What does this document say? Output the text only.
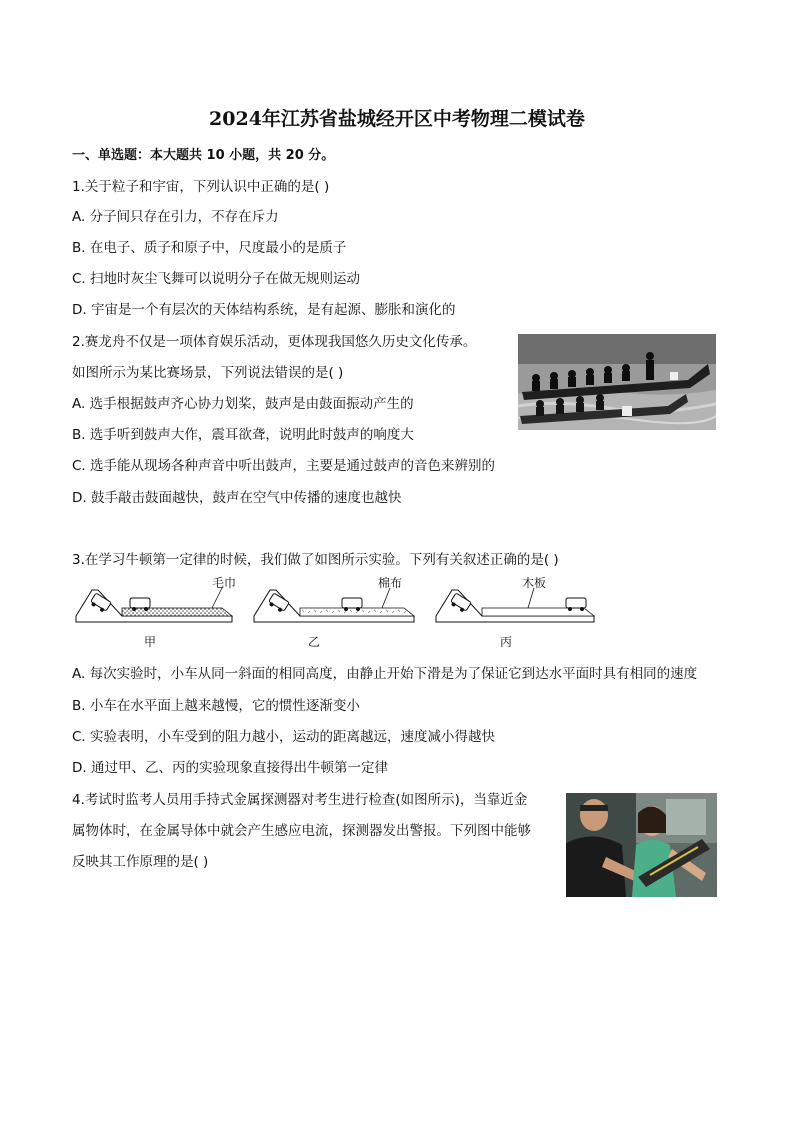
2024年江苏省盐城经开区中考物理二模试卷
一、单选题：本大题共 10 小题，共 20 分。
1.关于粒子和宇宙，下列认识中正确的是( )
A. 分子间只存在引力，不存在斥力
B. 在电子、质子和原子中，尺度最小的是质子
C. 扫地时灰尘飞舞可以说明分子在做无规则运动
D. 宇宙是一个有层次的天体结构系统，是有起源、膨胀和演化的
2.赛龙舟不仅是一项体育娱乐活动，更体现我国悠久历史文化传承。
如图所示为某比赛场景，下列说法错误的是( )
A. 选手根据鼓声齐心协力划桨，鼓声是由鼓面振动产生的
B. 选手听到鼓声大作，震耳欲聋，说明此时鼓声的响度大
C. 选手能从现场各种声音中听出鼓声，主要是通过鼓声的音色来辨别的
D. 鼓手敲击鼓面越快，鼓声在空气中传播的速度也越快
3.在学习牛顿第一定律的时候，我们做了如图所示实验。下列有关叙述正确的是( )
毛巾
甲
棉布
乙
木板
丙
A. 每次实验时，小车从同一斜面的相同高度，由静止开始下滑是为了保证它到达水平面时具有相同的速度
B. 小车在水平面上越来越慢，它的惯性逐渐变小
C. 实验表明，小车受到的阻力越小，运动的距离越远，速度减小得越快
D. 通过甲、乙、丙的实验现象直接得出牛顿第一定律
4.考试时监考人员用手持式金属探测器对考生进行检查(如图所示)，当靠近金
属物体时，在金属导体中就会产生感应电流，探测器发出警报。下列图中能够
反映其工作原理的是( )
